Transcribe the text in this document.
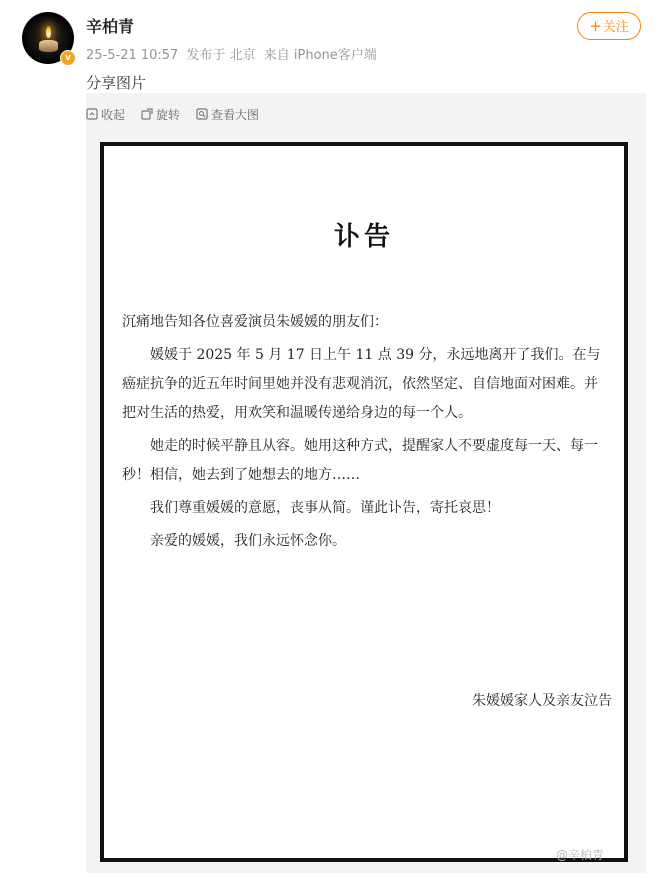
v
辛柏青
25-5-21 10:57 发布于 北京 来自 iPhone客户端
+关注
分享图片
收起	旋转	查看大图
讣告

沉痛地告知各位喜爱演员朱媛媛的朋友们：

媛媛于 2025 年 5 月 17 日上午 11 点 39 分，永远地离开了我们。在与癌症抗争的近五年时间里她并没有悲观消沉，依然坚定、自信地面对困难。并把对生活的热爱，用欢笑和温暖传递给身边的每一个人。

她走的时候平静且从容。她用这种方式，提醒家人不要虚度每一天、每一秒！相信，她去到了她想去的地方……

我们尊重媛媛的意愿，丧事从简。谨此讣告，寄托哀思！

亲爱的媛媛，我们永远怀念你。

朱媛媛家人及亲友泣告
@辛柏青
